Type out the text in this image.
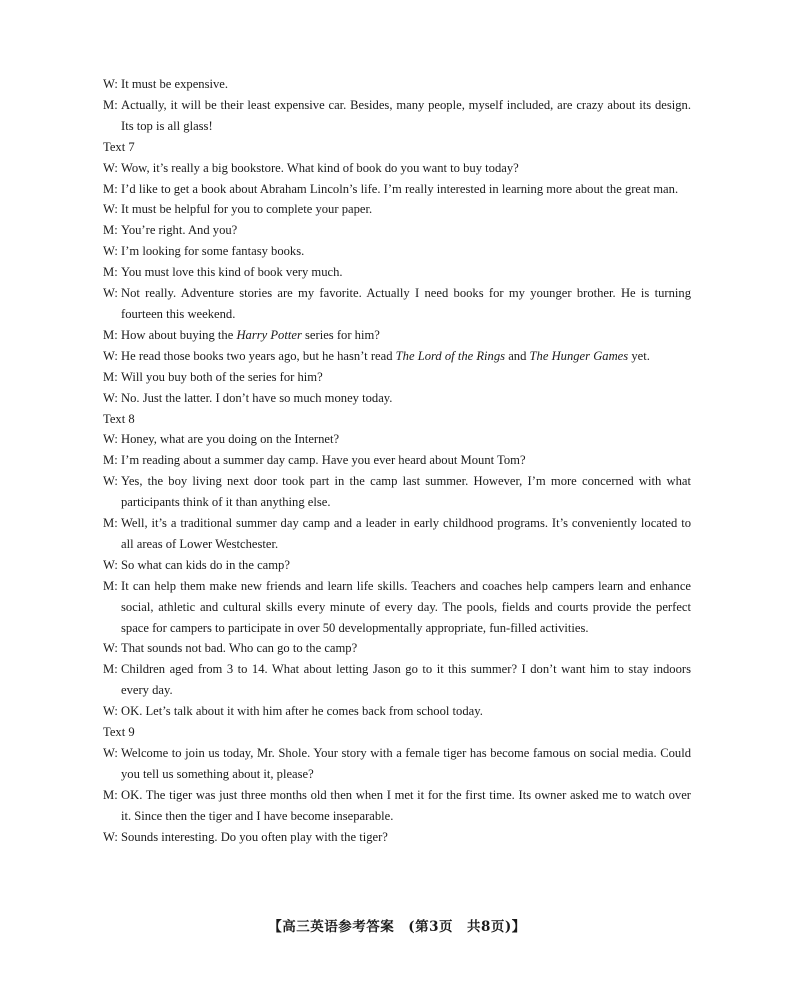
W: It must be expensive.
M: Actually, it will be their least expensive car. Besides, many people, myself included, are crazy about its design. Its top is all glass!
Text 7
W: Wow, it’s really a big bookstore. What kind of book do you want to buy today?
M: I’d like to get a book about Abraham Lincoln’s life. I’m really interested in learning more about the great man.
W: It must be helpful for you to complete your paper.
M: You’re right. And you?
W: I’m looking for some fantasy books.
M: You must love this kind of book very much.
W: Not really. Adventure stories are my favorite. Actually I need books for my younger brother. He is turning fourteen this weekend.
M: How about buying the Harry Potter series for him?
W: He read those books two years ago, but he hasn’t read The Lord of the Rings and The Hunger Games yet.
M: Will you buy both of the series for him?
W: No. Just the latter. I don’t have so much money today.
Text 8
W: Honey, what are you doing on the Internet?
M: I’m reading about a summer day camp. Have you ever heard about Mount Tom?
W: Yes, the boy living next door took part in the camp last summer. However, I’m more concerned with what participants think of it than anything else.
M: Well, it’s a traditional summer day camp and a leader in early childhood programs. It’s conveniently located to all areas of Lower Westchester.
W: So what can kids do in the camp?
M: It can help them make new friends and learn life skills. Teachers and coaches help campers learn and enhance social, athletic and cultural skills every minute of every day. The pools, fields and courts provide the perfect space for campers to participate in over 50 developmentally appropriate, fun-filled activities.
W: That sounds not bad. Who can go to the camp?
M: Children aged from 3 to 14. What about letting Jason go to it this summer? I don’t want him to stay indoors every day.
W: OK. Let’s talk about it with him after he comes back from school today.
Text 9
W: Welcome to join us today, Mr. Shole. Your story with a female tiger has become famous on social media. Could you tell us something about it, please?
M: OK. The tiger was just three months old then when I met it for the first time. Its owner asked me to watch over it. Since then the tiger and I have become inseparable.
W: Sounds interesting. Do you often play with the tiger?
【高三英语参考答案　(第3页　共8页)】
